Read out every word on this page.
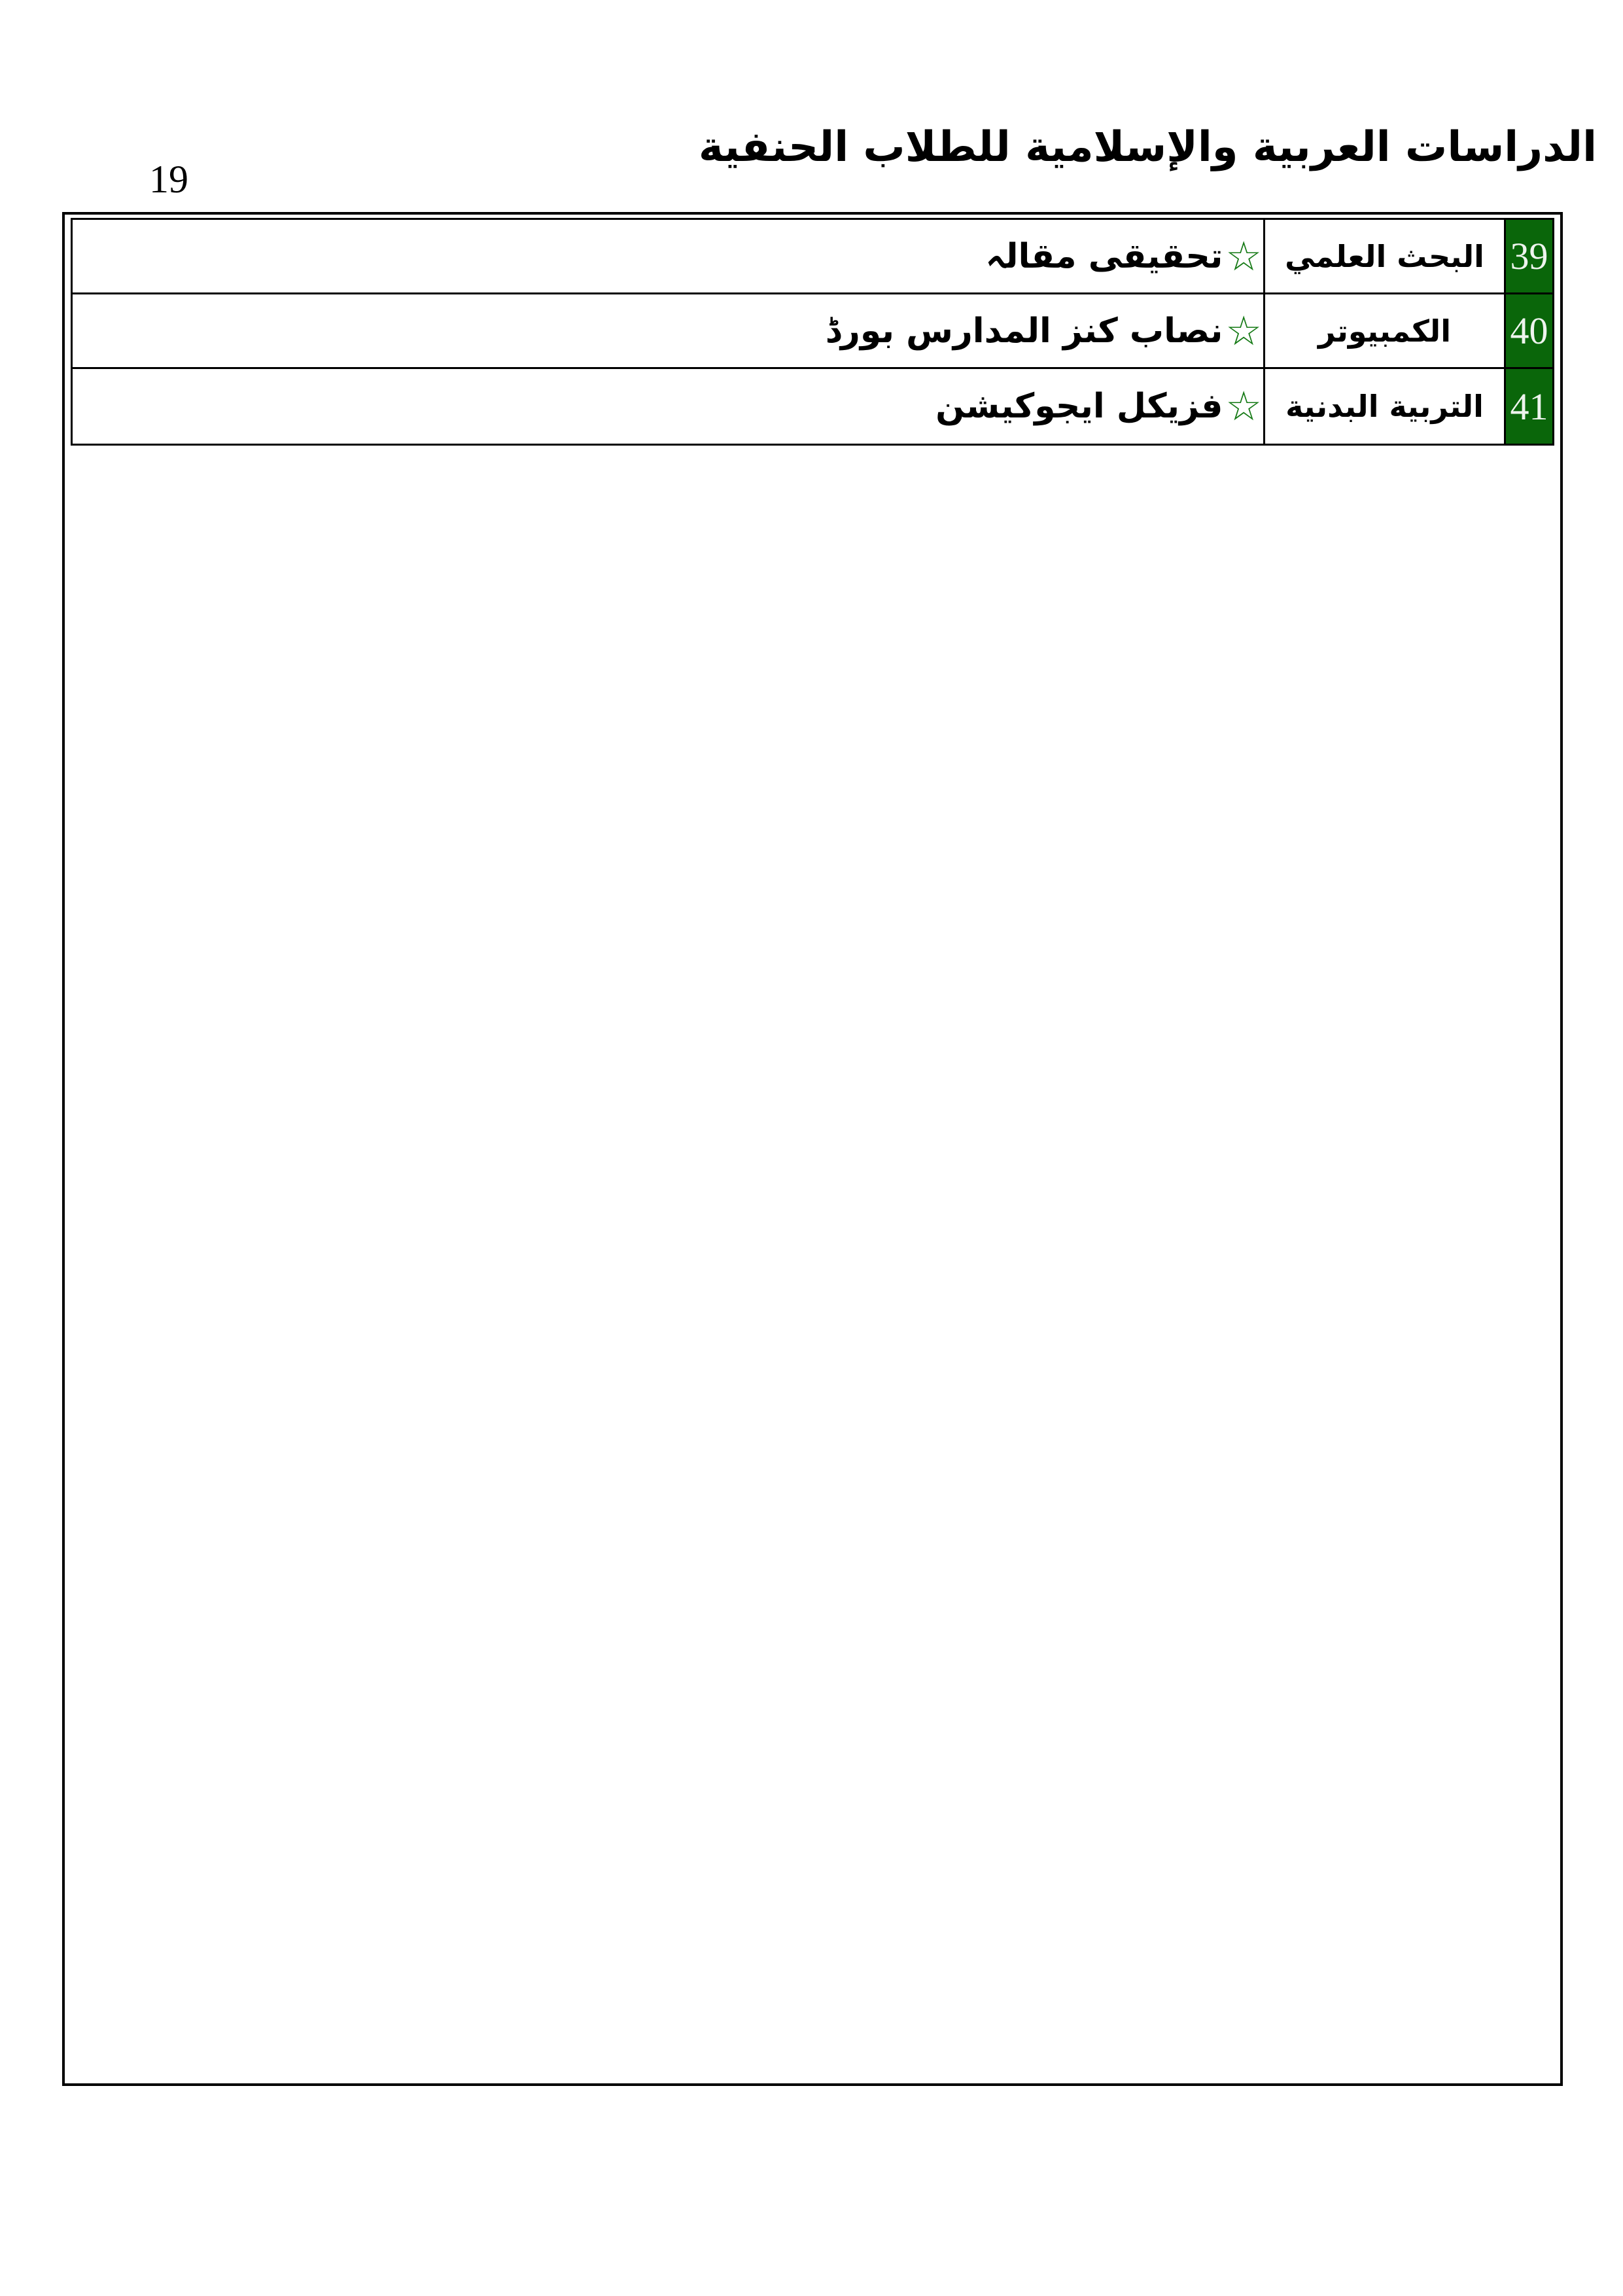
الدراسات العربية والإسلامية للطلاب الحنفية
19
39
البحث العلمي
☆
تحقیقی مقالہ
40
الكمبيوتر
☆
نصاب کنز المدارس بورڈ
41
التربية البدنية
☆
فزیکل ایجوکیشن
